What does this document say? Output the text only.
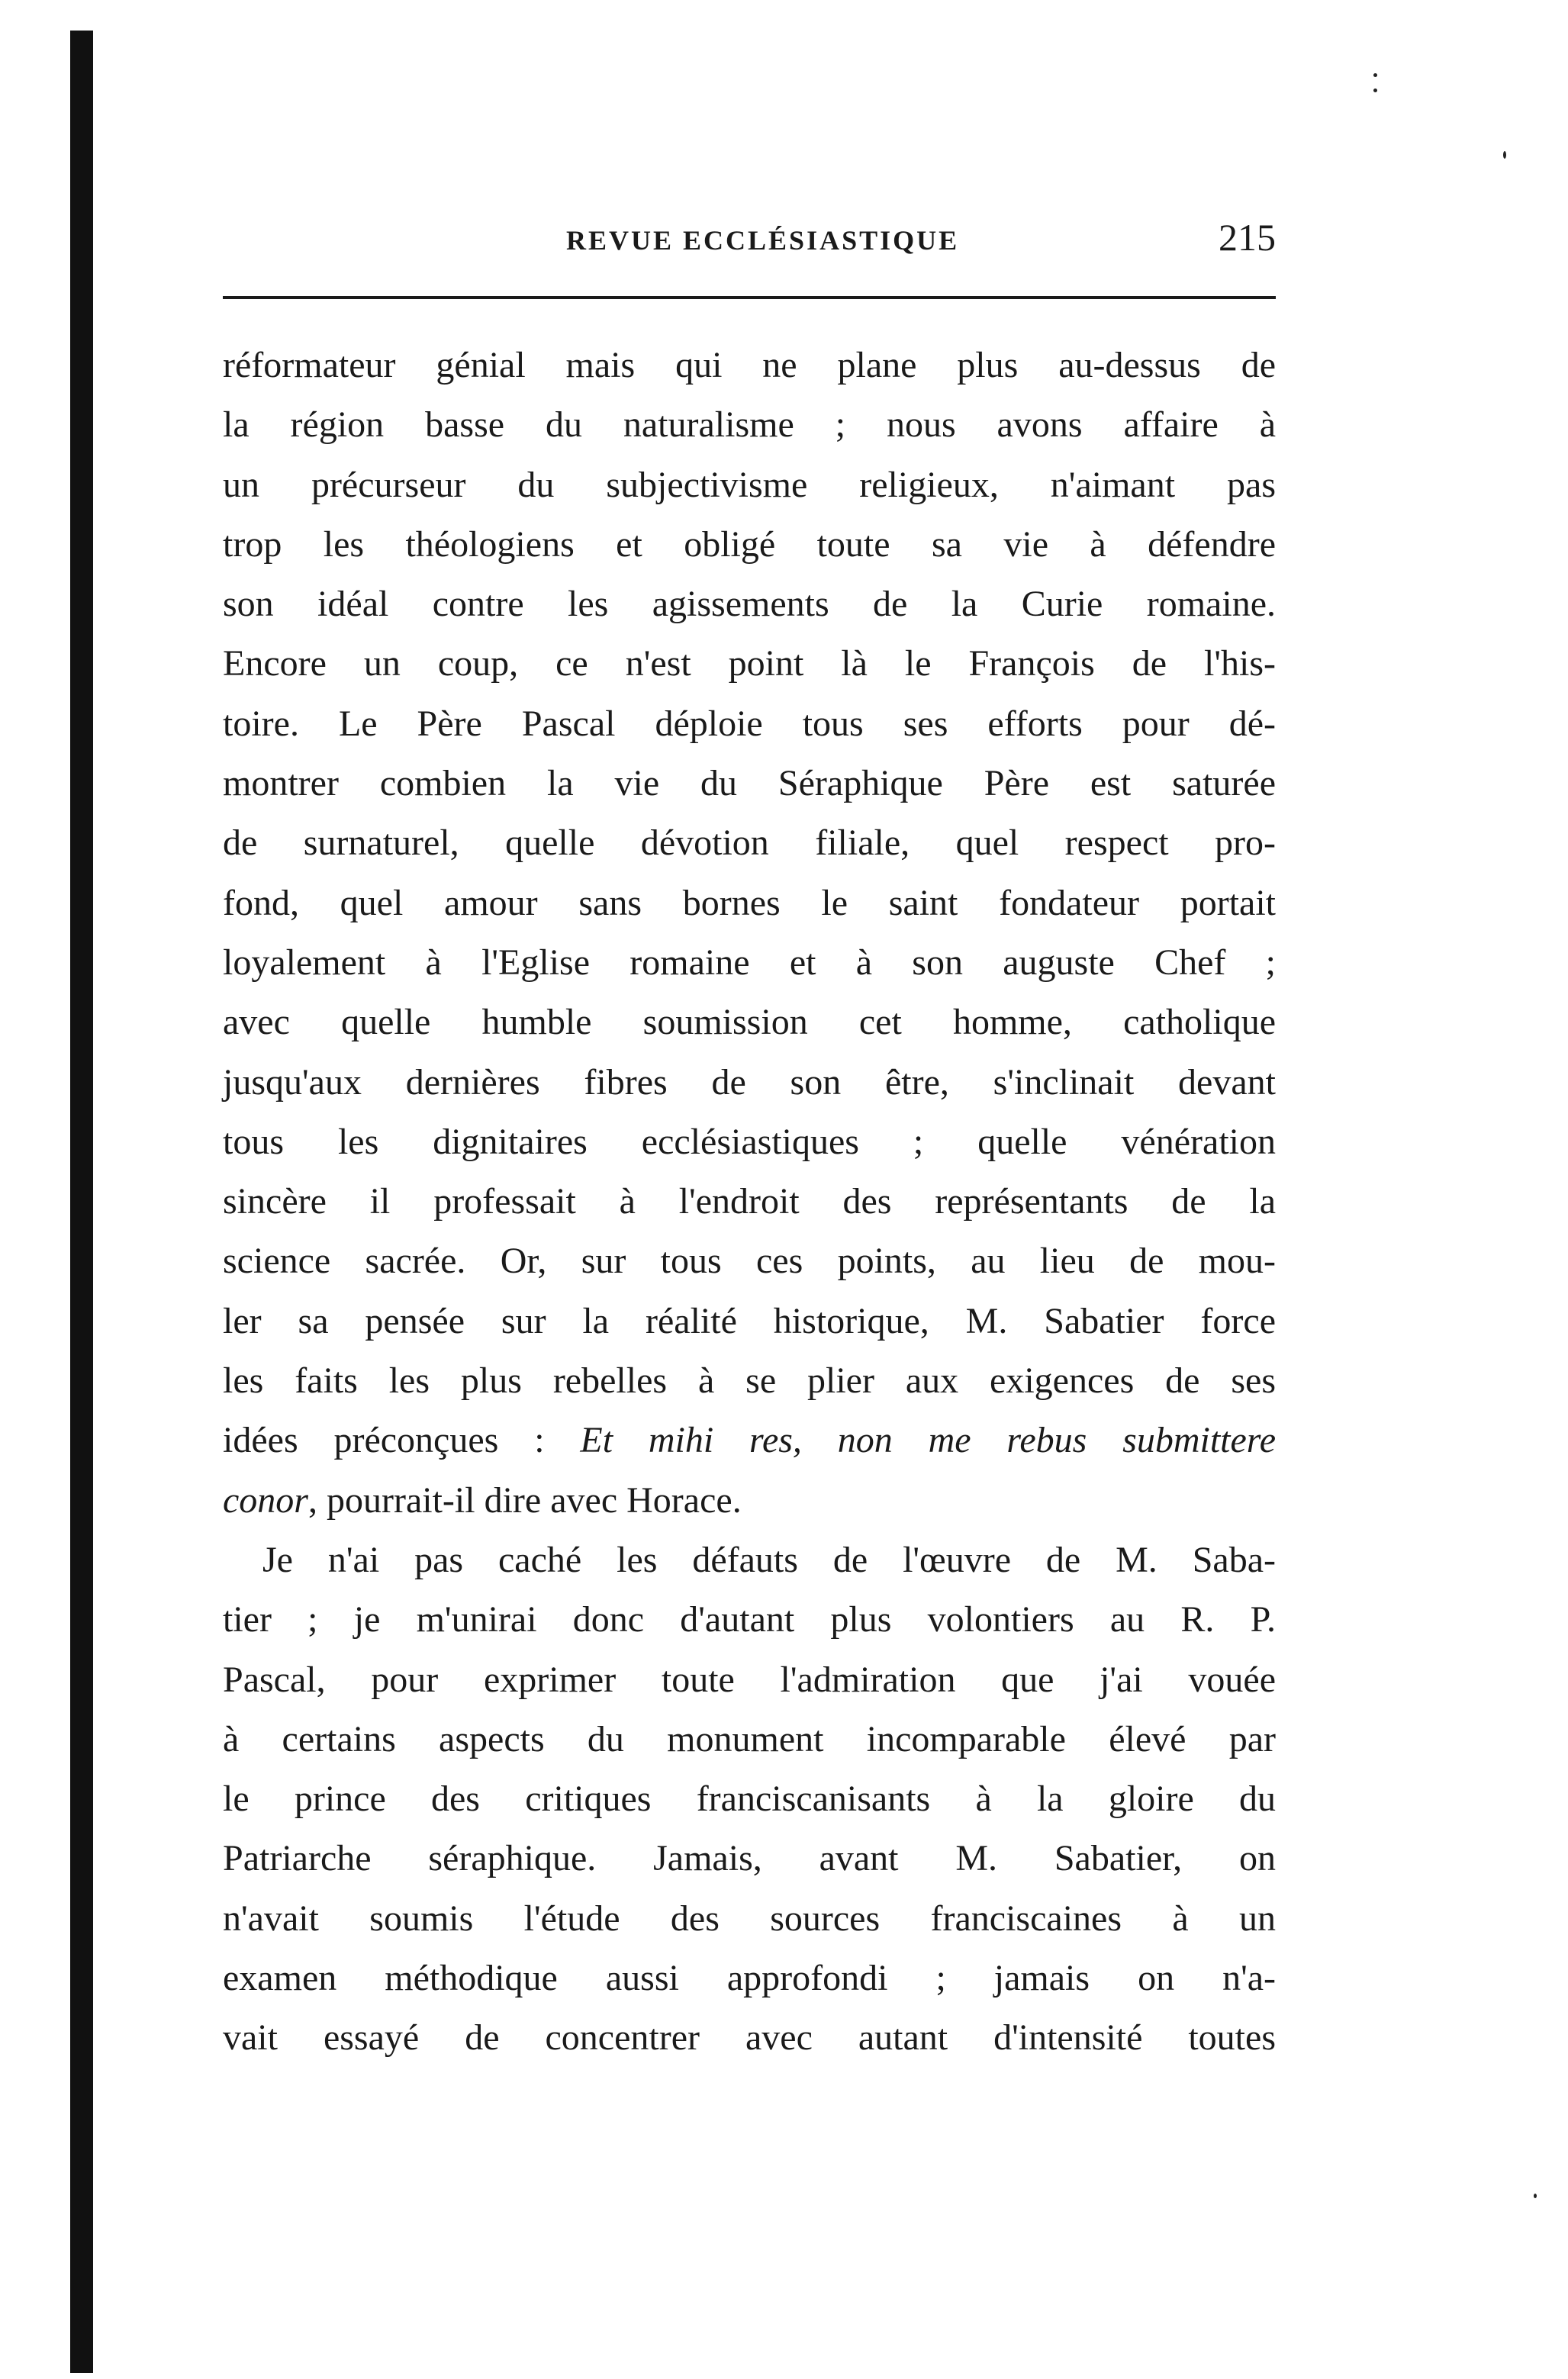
REVUE ECCLÉSIASTIQUE	215
réformateur génial mais qui ne plane plus au-dessus de
la région basse du naturalisme ; nous avons affaire à
un précurseur du subjectivisme religieux, n'aimant pas
trop les théologiens et obligé toute sa vie à défendre
son idéal contre les agissements de la Curie romaine.
Encore un coup, ce n'est point là le François de l'his-
toire. Le Père Pascal déploie tous ses efforts pour dé-
montrer combien la vie du Séraphique Père est saturée
de surnaturel, quelle dévotion filiale, quel respect pro-
fond, quel amour sans bornes le saint fondateur portait
loyalement à l'Eglise romaine et à son auguste Chef ;
avec quelle humble soumission cet homme, catholique
jusqu'aux dernières fibres de son être, s'inclinait devant
tous les dignitaires ecclésiastiques ; quelle vénération
sincère il professait à l'endroit des représentants de la
science sacrée. Or, sur tous ces points, au lieu de mou-
ler sa pensée sur la réalité historique, M. Sabatier force
les faits les plus rebelles à se plier aux exigences de ses
idées préconçues : Et mihi res, non me rebus submittere
conor, pourrait-il dire avec Horace.
Je n'ai pas caché les défauts de l'œuvre de M. Saba-
tier ; je m'unirai donc d'autant plus volontiers au R. P.
Pascal, pour exprimer toute l'admiration que j'ai vouée
à certains aspects du monument incomparable élevé par
le prince des critiques franciscanisants à la gloire du
Patriarche séraphique. Jamais, avant M. Sabatier, on
n'avait soumis l'étude des sources franciscaines à un
examen méthodique aussi approfondi ; jamais on n'a-
vait essayé de concentrer avec autant d'intensité toutes
